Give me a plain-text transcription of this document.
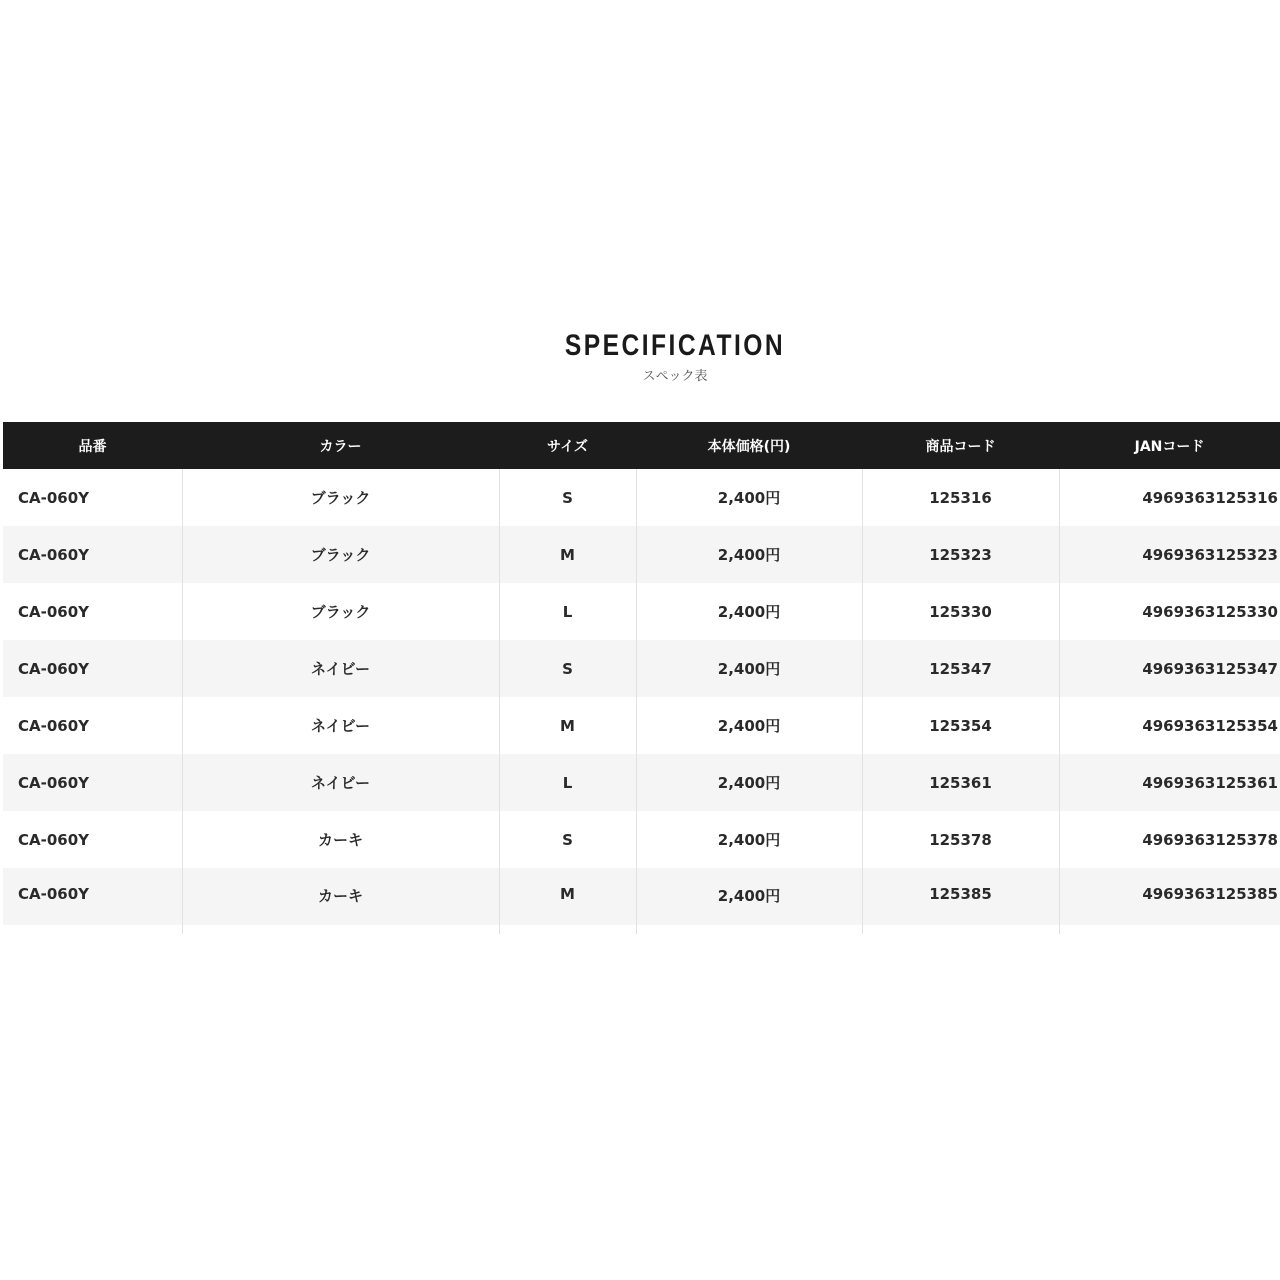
SPECIFICATION
スペック表
品番	カラー	サイズ	本体価格(円)	商品コード	JANコード
CA-060Y	ブラック	S	2,400円	125316	4969363125316
CA-060Y	ブラック	M	2,400円	125323	4969363125323
CA-060Y	ブラック	L	2,400円	125330	4969363125330
CA-060Y	ネイビー	S	2,400円	125347	4969363125347
CA-060Y	ネイビー	M	2,400円	125354	4969363125354
CA-060Y	ネイビー	L	2,400円	125361	4969363125361
CA-060Y	カーキ	S	2,400円	125378	4969363125378
CA-060Y	カーキ	M	2,400円	125385	4969363125385
